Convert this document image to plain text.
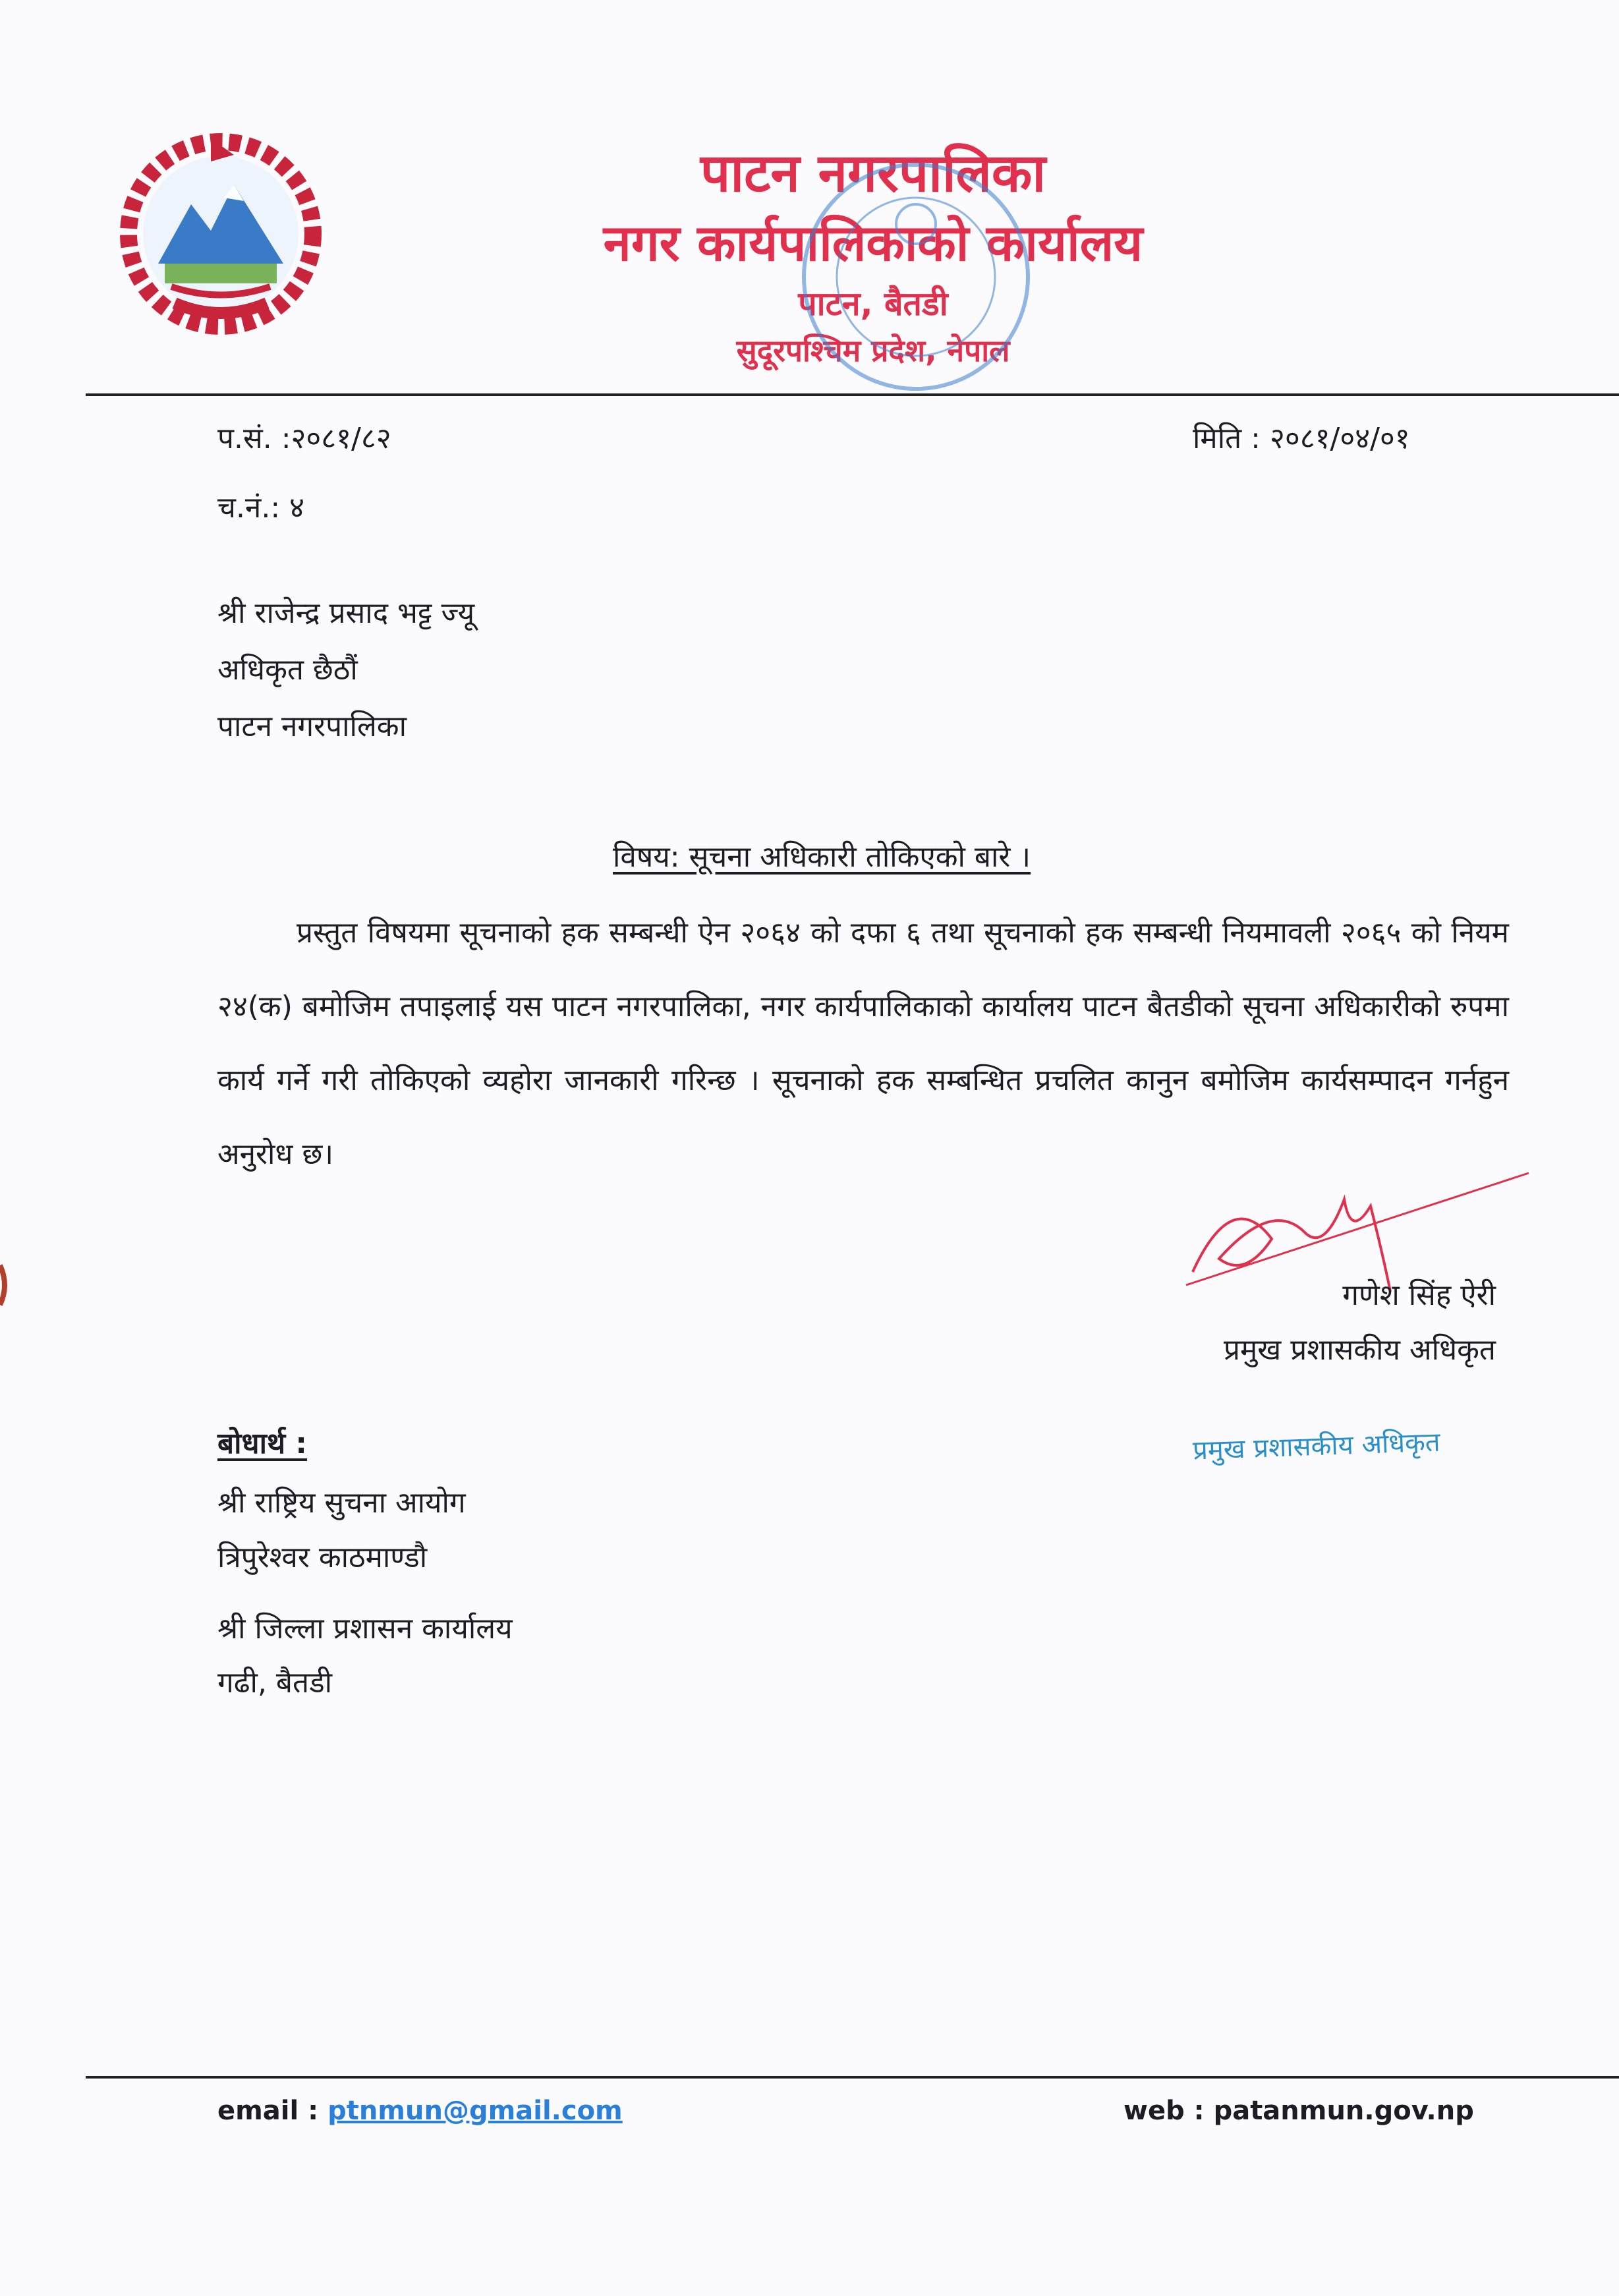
पाटन नगरपालिका
नगर कार्यपालिकाको कार्यालय
पाटन, बैतडी
सुदूरपश्चिम प्रदेश, नेपाल
प.सं. :२०८१/८२	मिति : २०८१/०४/०१
च.नं.: ४
श्री राजेन्द्र प्रसाद भट्ट ज्यू
अधिकृत छैठौं
पाटन नगरपालिका
विषय: सूचना अधिकारी तोकिएको बारे ।
प्रस्तुत विषयमा सूचनाको हक सम्बन्धी ऐन २०६४ को दफा ६ तथा सूचनाको हक सम्बन्धी नियमावली २०६५ को नियम २४(क) बमोजिम तपाइलाई यस पाटन नगरपालिका, नगर कार्यपालिकाको कार्यालय पाटन बैतडीको सूचना अधिकारीको रुपमा कार्य गर्ने गरी तोकिएको व्यहोरा जानकारी गरिन्छ । सूचनाको हक सम्बन्धित प्रचलित कानुन बमोजिम कार्यसम्पादन गर्नहुन अनुरोध छ।
गणेश सिंह ऐरी
प्रमुख प्रशासकीय अधिकृत
प्रमुख प्रशासकीय अधिकृत
बोधार्थ :
श्री राष्ट्रिय सुचना आयोग
त्रिपुरेश्वर काठमाण्डौ
श्री जिल्ला प्रशासन कार्यालय
गढी, बैतडी
email : ptnmun@gmail.com	web : patanmun.gov.np
